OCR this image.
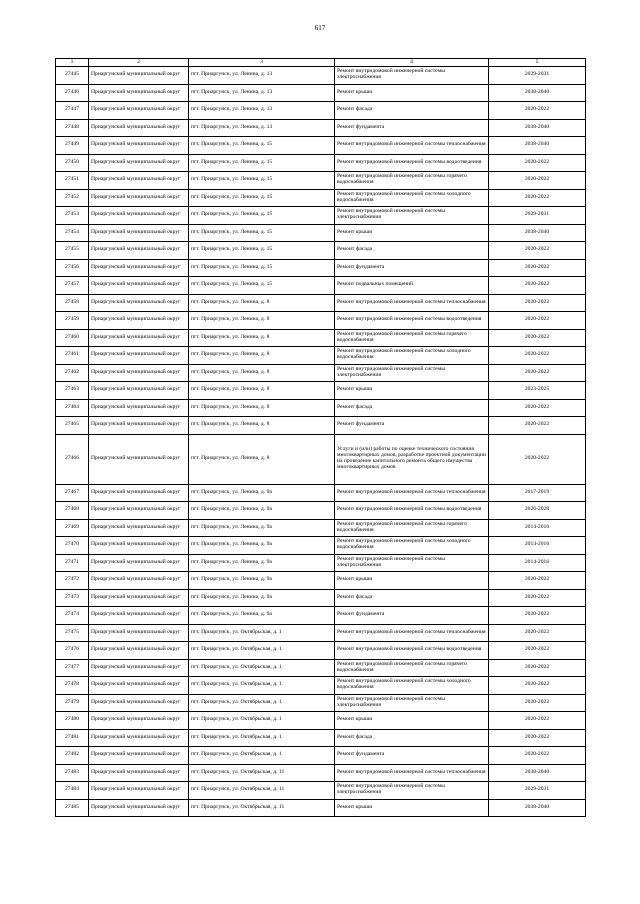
617
1	2	3	4	5
27445	Приаргунский муниципальный округ	пгт. Приаргунск, ул. Ленина, д. 13	Ремонт внутридомовой инженерной системы электроснабжения	2029-2031
27446	Приаргунский муниципальный округ	пгт. Приаргунск, ул. Ленина, д. 13	Ремонт крыши	2038-2040
27447	Приаргунский муниципальный округ	пгт. Приаргунск, ул. Ленина, д. 13	Ремонт фасада	2020-2022
27448	Приаргунский муниципальный округ	пгт. Приаргунск, ул. Ленина, д. 13	Ремонт фундамента	2038-2040
27449	Приаргунский муниципальный округ	пгт. Приаргунск, ул. Ленина, д. 15	Ремонт внутридомовой инженерной системы теплоснабжения	2038-2040
27450	Приаргунский муниципальный округ	пгт. Приаргунск, ул. Ленина, д. 15	Ремонт внутридомовой инженерной системы водоотведения	2020-2022
27451	Приаргунский муниципальный округ	пгт. Приаргунск, ул. Ленина, д. 15	Ремонт внутридомовой инженерной системы горячего водоснабжения	2020-2022
27452	Приаргунский муниципальный округ	пгт. Приаргунск, ул. Ленина, д. 15	Ремонт внутридомовой инженерной системы холодного водоснабжения	2020-2022
27453	Приаргунский муниципальный округ	пгт. Приаргунск, ул. Ленина, д. 15	Ремонт внутридомовой инженерной системы электроснабжения	2029-2031
27454	Приаргунский муниципальный округ	пгт. Приаргунск, ул. Ленина, д. 15	Ремонт крыши	2038-2040
27455	Приаргунский муниципальный округ	пгт. Приаргунск, ул. Ленина, д. 15	Ремонт фасада	2020-2022
27456	Приаргунский муниципальный округ	пгт. Приаргунск, ул. Ленина, д. 15	Ремонт фундамента	2020-2022
27457	Приаргунский муниципальный округ	пгт. Приаргунск, ул. Ленина, д. 15	Ремонт подвальных помещений	2020-2022
27458	Приаргунский муниципальный округ	пгт. Приаргунск, ул. Ленина, д. 8	Ремонт внутридомовой инженерной системы теплоснабжения	2020-2022
27459	Приаргунский муниципальный округ	пгт. Приаргунск, ул. Ленина, д. 8	Ремонт внутридомовой инженерной системы водоотведения	2020-2022
27460	Приаргунский муниципальный округ	пгт. Приаргунск, ул. Ленина, д. 8	Ремонт внутридомовой инженерной системы горячего водоснабжения	2020-2022
27461	Приаргунский муниципальный округ	пгт. Приаргунск, ул. Ленина, д. 8	Ремонт внутридомовой инженерной системы холодного водоснабжения	2020-2022
27462	Приаргунский муниципальный округ	пгт. Приаргунск, ул. Ленина, д. 8	Ремонт внутридомовой инженерной системы электроснабжения	2020-2022
27463	Приаргунский муниципальный округ	пгт. Приаргунск, ул. Ленина, д. 8	Ремонт крыши	2023-2025
27464	Приаргунский муниципальный округ	пгт. Приаргунск, ул. Ленина, д. 8	Ремонт фасада	2020-2022
27465	Приаргунский муниципальный округ	пгт. Приаргунск, ул. Ленина, д. 8	Ремонт фундамента	2020-2022
27466	Приаргунский муниципальный округ	пгт. Приаргунск, ул. Ленина, д. 8	Услуги и (или) работы по оценке технического состояния многоквартирных домов, разработке проектной документации на проведение капитального ремонта общего имущества многоквартирных домов	2020-2022
27467	Приаргунский муниципальный округ	пгт. Приаргунск, ул. Ленина, д. 9а	Ремонт внутридомовой инженерной системы теплоснабжения	2017-2019
27468	Приаргунский муниципальный округ	пгт. Приаргунск, ул. Ленина, д. 9а	Ремонт внутридомовой инженерной системы водоотведения	2026-2028
27469	Приаргунский муниципальный округ	пгт. Приаргунск, ул. Ленина, д. 9а	Ремонт внутридомовой инженерной системы горячего водоснабжения	2014-2016
27470	Приаргунский муниципальный округ	пгт. Приаргунск, ул. Ленина, д. 9а	Ремонт внутридомовой инженерной системы холодного водоснабжения	2014-2016
27471	Приаргунский муниципальный округ	пгт. Приаргунск, ул. Ленина, д. 9а	Ремонт внутридомовой инженерной системы электроснабжения	2014-2016
27472	Приаргунский муниципальный округ	пгт. Приаргунск, ул. Ленина, д. 9а	Ремонт крыши	2020-2022
27473	Приаргунский муниципальный округ	пгт. Приаргунск, ул. Ленина, д. 9а	Ремонт фасада	2020-2022
27474	Приаргунский муниципальный округ	пгт. Приаргунск, ул. Ленина, д. 9а	Ремонт фундамента	2020-2022
27475	Приаргунский муниципальный округ	пгт. Приаргунск, ул. Октябрьская, д. 1	Ремонт внутридомовой инженерной системы теплоснабжения	2020-2022
27476	Приаргунский муниципальный округ	пгт. Приаргунск, ул. Октябрьская, д. 1	Ремонт внутридомовой инженерной системы водоотведения	2020-2022
27477	Приаргунский муниципальный округ	пгт. Приаргунск, ул. Октябрьская, д. 1	Ремонт внутридомовой инженерной системы горячего водоснабжения	2020-2022
27478	Приаргунский муниципальный округ	пгт. Приаргунск, ул. Октябрьская, д. 1	Ремонт внутридомовой инженерной системы холодного водоснабжения	2020-2022
27479	Приаргунский муниципальный округ	пгт. Приаргунск, ул. Октябрьская, д. 1	Ремонт внутридомовой инженерной системы электроснабжения	2020-2022
27480	Приаргунский муниципальный округ	пгт. Приаргунск, ул. Октябрьская, д. 1	Ремонт крыши	2020-2022
27481	Приаргунский муниципальный округ	пгт. Приаргунск, ул. Октябрьская, д. 1	Ремонт фасада	2020-2022
27482	Приаргунский муниципальный округ	пгт. Приаргунск, ул. Октябрьская, д. 1	Ремонт фундамента	2020-2022
27483	Приаргунский муниципальный округ	пгт. Приаргунск, ул. Октябрьская, д. 11	Ремонт внутридомовой инженерной системы теплоснабжения	2038-2040
27484	Приаргунский муниципальный округ	пгт. Приаргунск, ул. Октябрьская, д. 11	Ремонт внутридомовой инженерной системы электроснабжения	2029-2031
27485	Приаргунский муниципальный округ	пгт. Приаргунск, ул. Октябрьская, д. 11	Ремонт крыши	2038-2040
